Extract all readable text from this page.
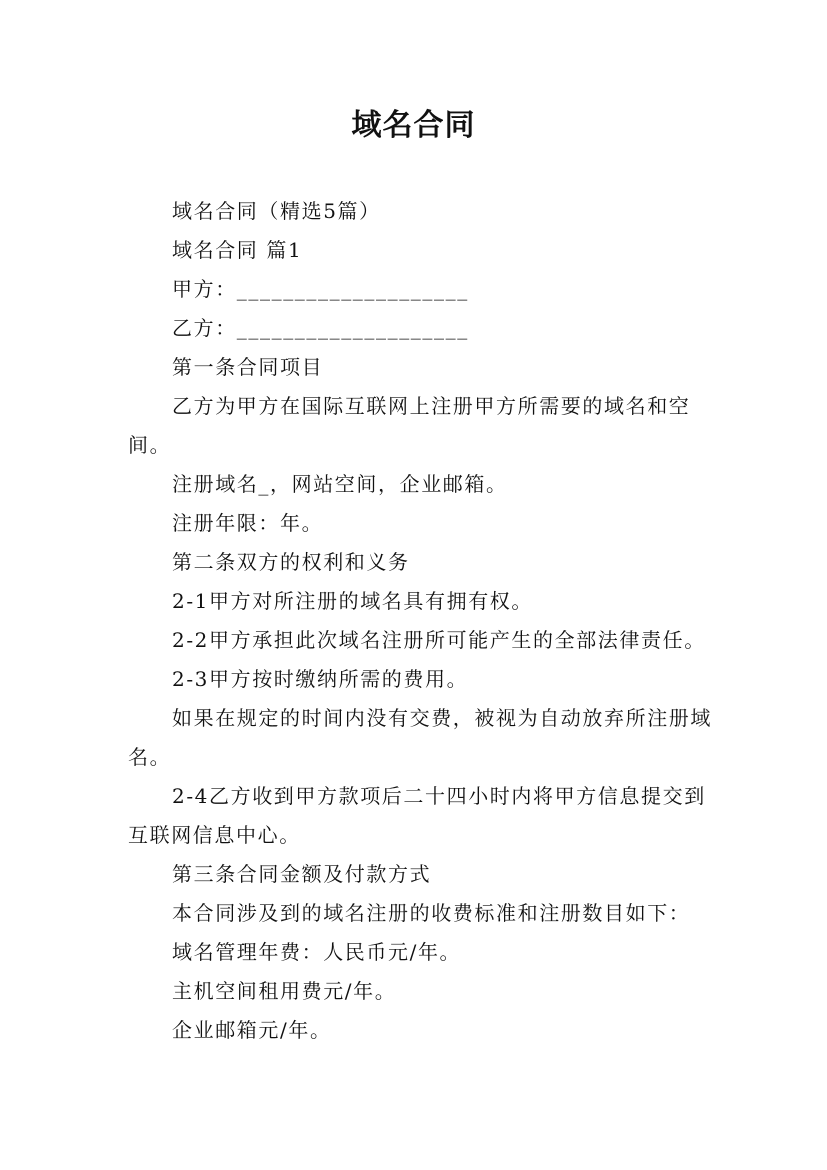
域名合同

域名合同（精选5篇）

域名合同 篇1

甲方：____________________

乙方：____________________

第一条合同项目

乙方为甲方在国际互联网上注册甲方所需要的域名和空间。

注册域名_，网站空间，企业邮箱。

注册年限：年。

第二条双方的权利和义务

2-1甲方对所注册的域名具有拥有权。

2-2甲方承担此次域名注册所可能产生的全部法律责任。

2-3甲方按时缴纳所需的费用。

如果在规定的时间内没有交费，被视为自动放弃所注册域名。

2-4乙方收到甲方款项后二十四小时内将甲方信息提交到互联网信息中心。

第三条合同金额及付款方式

本合同涉及到的域名注册的收费标准和注册数目如下：

域名管理年费：人民币元/年。

主机空间租用费元/年。

企业邮箱元/年。
